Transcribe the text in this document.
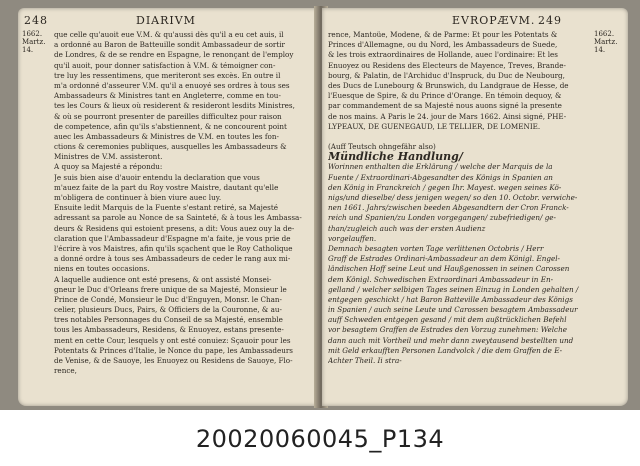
248	DIARIVM
1662.
Martz.
14.
que celle qu'auoit eue V.M. & qu'aussi dès qu'il a eu cet auis, il
a ordonné au Baron de Batteuille sondit Ambassadeur de sortir
de Londres, & de se rendre en Espagne, le renonçant de l'employ
qu'il auoit, pour donner satisfaction à V.M. & témoigner con-
tre luy les ressentimens, que meriteront ses excès. En outre il
m'a ordonné d'asseurer V.M. qu'il a enuoyé ses ordres à tous ses
Ambassadeurs & Ministres tant en Angleterre, comme en tou-
tes les Cours & lieux où residerent & resideront lesdits Ministres,
& où se pourront presenter de pareilles difficultez pour raison
de competence, afin qu'ils s'abstiennent, & ne concourent point
auec les Ambassadeurs & Ministres de V.M. en toutes les fon-
ctions & ceremonies publiques, ausquelles les Ambassadeurs &
Ministres de V.M. assisteront.
A quoy sa Majesté a répondu:
Je suis bien aise d'auoir entendu la declaration que vous
m'auez faite de la part du Roy vostre Maistre, dautant qu'elle
m'obligera de continuer à bien viure auec luy.
Ensuite ledit Marquis de la Fuente s'estant retiré, sa Majesté
adressant sa parole au Nonce de sa Sainteté, & à tous les Ambassa-
deurs & Residens qui estoient presens, a dit: Vous auez ouy la de-
claration que l'Ambassadeur d'Espagne m'a faite, je vous prie de
l'écrire à vos Maistres, afin qu'ils sçachent que le Roy Catholique
a donné ordre à tous ses Ambassadeurs de ceder le rang aux mi-
niens en toutes occasions.
A laquelle audience ont esté presens, & ont assisté Monsei-
gneur le Duc d'Orleans frere unique de sa Majesté, Monsieur le
Prince de Condé, Monsieur le Duc d'Enguyen, Monsr. le Chan-
celier, plusieurs Ducs, Pairs, & Officiers de la Couronne, & au-
tres notables Personnages du Conseil de sa Majesté, ensemble
tous les Ambassadeurs, Residens, & Enuoyez, estans presente-
ment en cette Cour, lesquels y ont esté conuiez: Sçauoir pour les
Potentats & Princes d'Italie, le Nonce du pape, les Ambassadeurs
de Venise, & de Sauoye, les Enuoyez ou Residens de Sauoye, Flo-
rence,
EVROPÆVM. 249
1662.
Martz.
14.
rence, Mantoüe, Modene, & de Parme: Et pour les Potentats &
Princes d'Allemagne, ou du Nord, les Ambassadeurs de Suede,
& les trois extraordinaires de Hollande, auec l'ordinaire: Et les
Enuoyez ou Residens des Electeurs de Mayence, Treves, Brande-
bourg, & Palatin, de l'Archiduc d'Inspruck, du Duc de Neubourg,
des Ducs de Lunebourg & Brunswich, du Landgraue de Hesse, de
l'Euesque de Spire, & du Prince d'Orange. En témoin dequoy, &
par commandement de sa Majesté nous auons signé la presente
de nos mains. A Paris le 24. jour de Mars 1662. Ainsi signé, PHE-
LYPEAUX, DE GUENEGAUD, LE TELLIER, DE LOMENIE.
(Auff Teutsch ohngefähr also)
Mündliche Handlung/
Worinnen enthalten die Erklärung / welche der Marquis de la
Fuente / Extraordinari-Abgesandter des Königs in Spanien an
den König in Franckreich / gegen Ihr. Mayest. wegen seines Kö-
nigs/und dieselbe/ dess jenigen wegen/ so den 10. Octobr. verwiche-
nen 1661. Jahrs/zwischen beeden Abgesandtern der Cron Franck-
reich und Spanien/zu Londen vorgegangen/ zubefriedigen/ ge-
than/zugleich auch was der ersten Audienz
vorgelauffen.
Demnach besagten vorten Tage verlittenen Octobris / Herr
Graff de Estrades Ordinari-Ambassadeur an dem Königl. Engel-
ländischen Hoff seine Leut und Haußgenossen in seinen Carossen
dem Königl. Schwedischen Extraordinari Ambassadeur in En-
gelland / welcher selbigen Tages seinen Einzug in Londen gehalten /
entgegen geschickt / hat Baron Batteville Ambassadeur des Königs
in Spanien / auch seine Leute und Carossen besagtem Ambassadeur
auff Schweden entgegen gesand / mit dem außtrücklichen Befehl
vor besagtem Graffen de Estrades den Vorzug zunehmen: Welche
dann auch mit Vortheil und mehr dann zweytausend bestellten und
mit Geld erkaufften Personen Landvolck / die dem Graffen de E-
Achter Theil. Ii stra-
20020060045_P134
